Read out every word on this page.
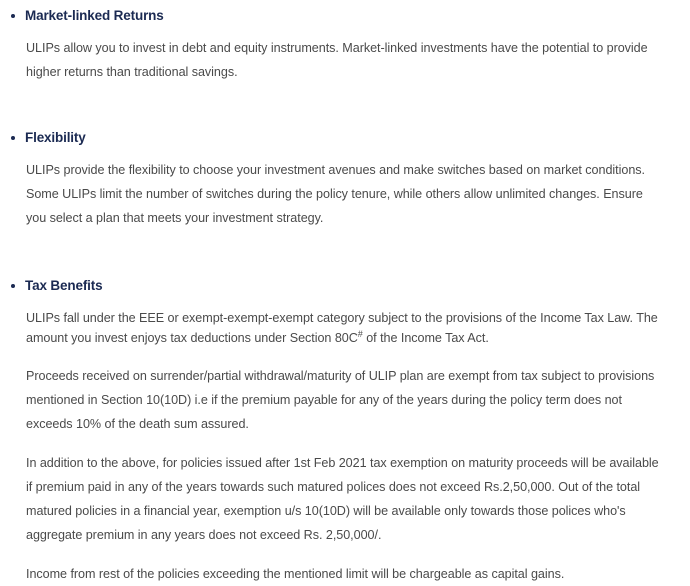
Market-linked Returns

ULIPs allow you to invest in debt and equity instruments. Market-linked investments have the potential to provide higher returns than traditional savings.

Flexibility

ULIPs provide the flexibility to choose your investment avenues and make switches based on market conditions. Some ULIPs limit the number of switches during the policy tenure, while others allow unlimited changes. Ensure you select a plan that meets your investment strategy.

Tax Benefits

ULIPs fall under the EEE or exempt-exempt-exempt category subject to the provisions of the Income Tax Law. The amount you invest enjoys tax deductions under Section 80C# of the Income Tax Act.

Proceeds received on surrender/partial withdrawal/maturity of ULIP plan are exempt from tax subject to provisions mentioned in Section 10(10D) i.e if the premium payable for any of the years during the policy term does not exceeds 10% of the death sum assured.

In addition to the above, for policies issued after 1st Feb 2021 tax exemption on maturity proceeds will be available if premium paid in any of the years towards such matured polices does not exceed Rs.2,50,000. Out of the total matured policies in a financial year, exemption u/s 10(10D) will be available only towards those polices who's aggregate premium in any years does not exceed Rs. 2,50,000/.

Income from rest of the policies exceeding the mentioned limit will be chargeable as capital gains.
